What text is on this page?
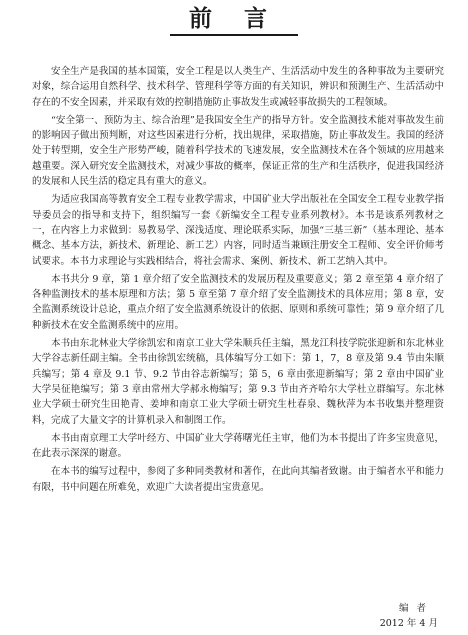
前 言

安全生产是我国的基本国策，安全工程是以人类生产、生活活动中发生的各种事故为主要研究对象，综合运用自然科学、技术科学、管理科学等方面的有关知识，辨识和预测生产、生活活动中存在的不安全因素，并采取有效的控制措施防止事故发生或减轻事故损失的工程领域。

“安全第一、预防为主、综合治理”是我国安全生产的指导方针。安全监测技术能对事故发生前的影响因子做出预判断，对这些因素进行分析，找出规律，采取措施，防止事故发生。我国的经济处于转型期，安全生产形势严峻，随着科学技术的飞速发展，安全监测技术在各个领域的应用越来越重要。深入研究安全监测技术，对减少事故的概率，保证正常的生产和生活秩序，促进我国经济的发展和人民生活的稳定具有重大的意义。

为适应我国高等教育安全工程专业教学需求，中国矿业大学出版社在全国安全工程专业教学指导委员会的指导和支持下，组织编写一套《新编安全工程专业系列教材》。本书是该系列教材之一，在内容上力求做到：易教易学、深浅适度、理论联系实际，加强“三基三新”（基本理论、基本概念、基本方法，新技术、新理论、新工艺）内容，同时适当兼顾注册安全工程师、安全评价师考试要求。本书力求理论与实践相结合，将社会需求、案例、新技术、新工艺纳入其中。

本书共分 9 章，第 1 章介绍了安全监测技术的发展历程及重要意义；第 2 章至第 4 章介绍了各种监测技术的基本原理和方法；第 5 章至第 7 章介绍了安全监测技术的具体应用；第 8 章，安全监测系统设计总论，重点介绍了安全监测系统设计的依据、原则和系统可靠性；第 9 章介绍了几种新技术在安全监测系统中的应用。

本书由东北林业大学徐凯宏和南京工业大学朱顺兵任主编，黑龙江科技学院张迎新和东北林业大学谷志新任副主编。全书由徐凯宏统稿，具体编写分工如下：第 1，7，8 章及第 9.4 节由朱顺兵编写；第 4 章及 9.1 节、9.2 节由谷志新编写；第 5，6 章由张迎新编写；第 2 章由中国矿业大学吴征艳编写；第 3 章由常州大学郝永梅编写；第 9.3 节由齐齐哈尔大学杜立群编写。东北林业大学硕士研究生田艳青、姜坤和南京工业大学硕士研究生杜春泉、魏秋萍为本书收集并整理资料，完成了大量文字的计算机录入和制图工作。

本书由南京理工大学叶经方、中国矿业大学蒋曙光任主审，他们为本书提出了许多宝贵意见，在此表示深深的谢意。

在本书的编写过程中，参阅了多种同类教材和著作，在此向其编者致谢。由于编者水平和能力有限，书中问题在所难免，欢迎广大读者提出宝贵意见。

编者
2012 年 4 月
